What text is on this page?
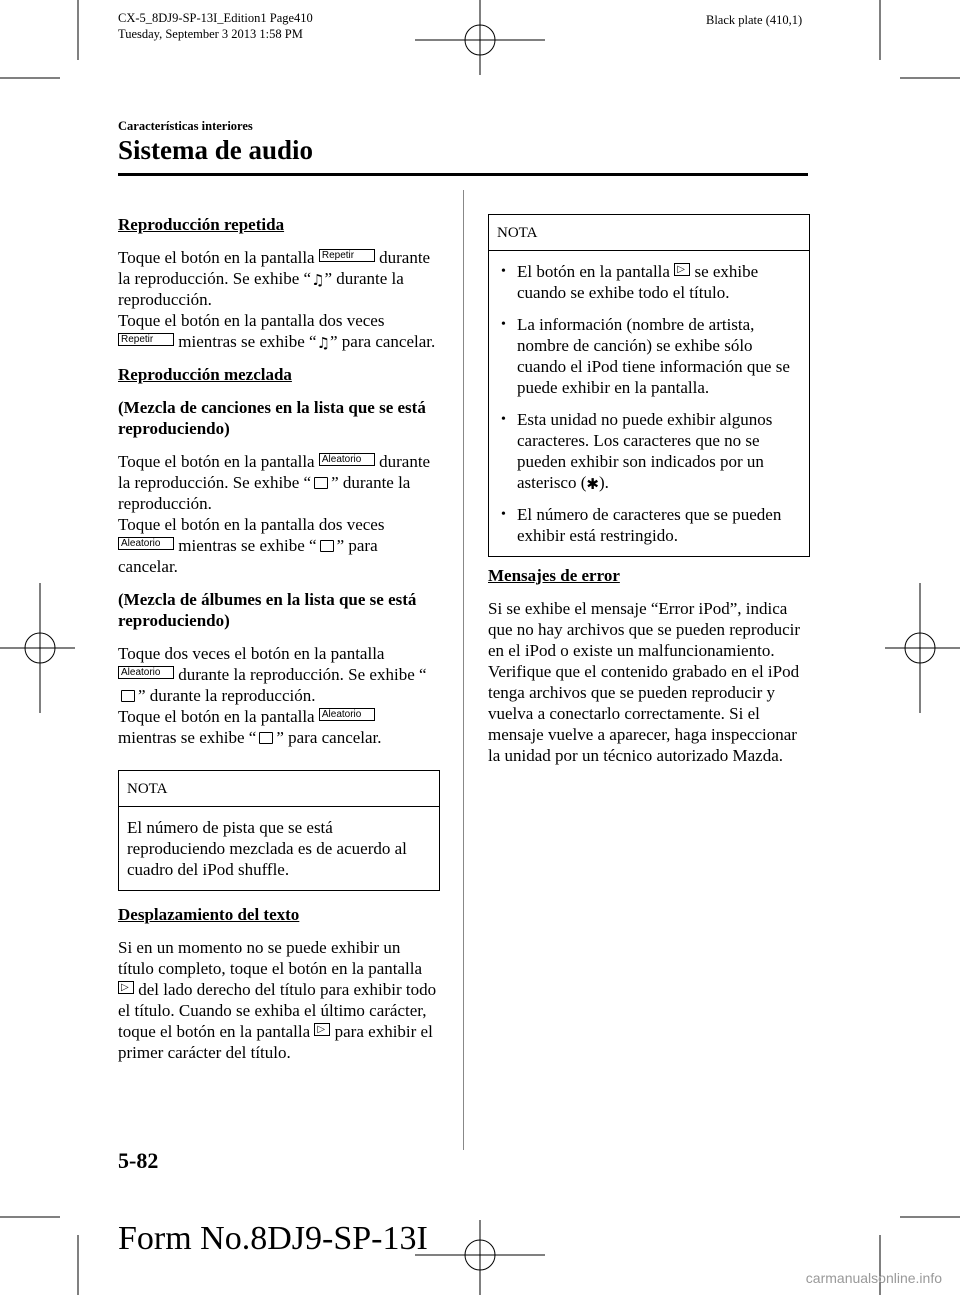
CX-5_8DJ9-SP-13I_Edition1 Page410
Tuesday, September 3 2013 1:58 PM
Black plate (410,1)
Características interiores
Sistema de audio
Reproducción repetida

Toque el botón en la pantalla Repetir durante la reproducción. Se exhibe “♫” durante la reproducción.
Toque el botón en la pantalla dos veces
Repetir mientras se exhibe “♫” para cancelar.

Reproducción mezclada
(Mezcla de canciones en la lista que se está reproduciendo)

Toque el botón en la pantalla Aleatorio durante la reproducción. Se exhibe “ ” durante la reproducción.
Toque el botón en la pantalla dos veces
Aleatorio mientras se exhibe “ ” para cancelar.

(Mezcla de álbumes en la lista que se está reproduciendo)

Toque dos veces el botón en la pantalla
Aleatorio durante la reproducción. Se exhibe “” durante la reproducción.
Toque el botón en la pantalla Aleatorio
mientras se exhibe “ ” para cancelar.

NOTA
El número de pista que se está reproduciendo mezclada es de acuerdo al cuadro del iPod shuffle.
Desplazamiento del texto

Si en un momento no se puede exhibir un título completo, toque el botón en la pantalla ▷ del lado derecho del título para exhibir todo el título. Cuando se exhiba el último carácter, toque el botón en la pantalla ▷ para exhibir el primer carácter del título.

NOTA
• El botón en la pantalla ▷ se exhibe cuando se exhibe todo el título.
• La información (nombre de artista, nombre de canción) se exhibe sólo cuando el iPod tiene información que se puede exhibir en la pantalla.
• Esta unidad no puede exhibir algunos caracteres. Los caracteres que no se pueden exhibir son indicados por un asterisco (✱).
• El número de caracteres que se pueden exhibir está restringido.
Mensajes de error

Si se exhibe el mensaje “Error iPod”, indica que no hay archivos que se pueden reproducir en el iPod o existe un malfuncionamiento. Verifique que el contenido grabado en el iPod tenga archivos que se pueden reproducir y vuelva a conectarlo correctamente. Si el mensaje vuelve a aparecer, haga inspeccionar la unidad por un técnico autorizado Mazda.

5-82
Form No.8DJ9-SP-13I
carmanualsonline.info
